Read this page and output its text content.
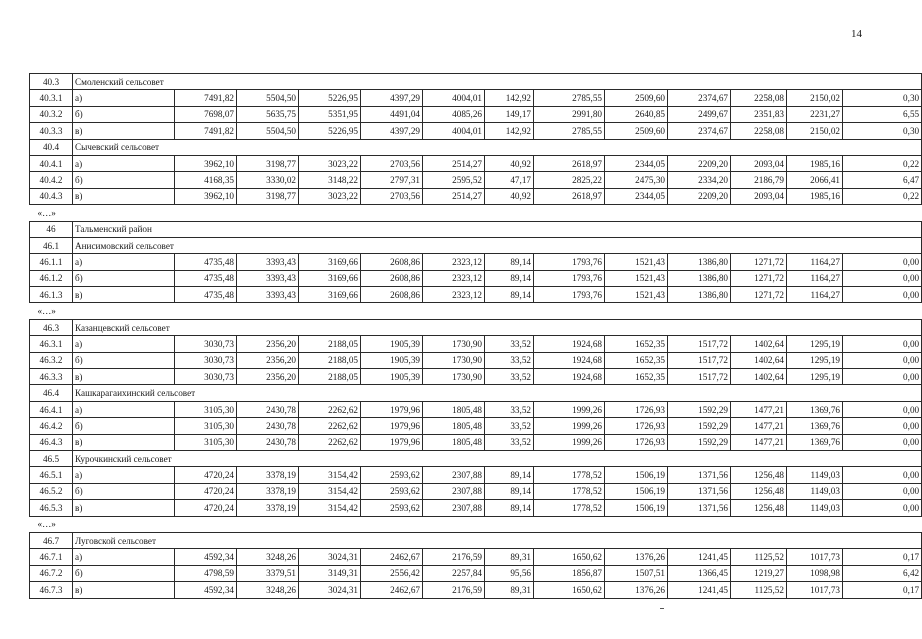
14
40.3	Смоленский сельсовет												
40.3.1	а)	7491,82	5504,50	5226,95	4397,29	4004,01	142,92	2785,55	2509,60	2374,67	2258,08	2150,02	0,30
40.3.2	б)	7698,07	5635,75	5351,95	4491,04	4085,26	149,17	2991,80	2640,85	2499,67	2351,83	2231,27	6,55
40.3.3	в)	7491,82	5504,50	5226,95	4397,29	4004,01	142,92	2785,55	2509,60	2374,67	2258,08	2150,02	0,30
40.4	Сычевский сельсовет												
40.4.1	а)	3962,10	3198,77	3023,22	2703,56	2514,27	40,92	2618,97	2344,05	2209,20	2093,04	1985,16	0,22
40.4.2	б)	4168,35	3330,02	3148,22	2797,31	2595,52	47,17	2825,22	2475,30	2334,20	2186,79	2066,41	6,47
40.4.3	в)	3962,10	3198,77	3023,22	2703,56	2514,27	40,92	2618,97	2344,05	2209,20	2093,04	1985,16	0,22
«…»													
46	Тальменский район												
46.1	Анисимовский сельсовет												
46.1.1	а)	4735,48	3393,43	3169,66	2608,86	2323,12	89,14	1793,76	1521,43	1386,80	1271,72	1164,27	0,00
46.1.2	б)	4735,48	3393,43	3169,66	2608,86	2323,12	89,14	1793,76	1521,43	1386,80	1271,72	1164,27	0,00
46.1.3	в)	4735,48	3393,43	3169,66	2608,86	2323,12	89,14	1793,76	1521,43	1386,80	1271,72	1164,27	0,00
«…»													
46.3	Казанцевский сельсовет												
46.3.1	а)	3030,73	2356,20	2188,05	1905,39	1730,90	33,52	1924,68	1652,35	1517,72	1402,64	1295,19	0,00
46.3.2	б)	3030,73	2356,20	2188,05	1905,39	1730,90	33,52	1924,68	1652,35	1517,72	1402,64	1295,19	0,00
46.3.3	в)	3030,73	2356,20	2188,05	1905,39	1730,90	33,52	1924,68	1652,35	1517,72	1402,64	1295,19	0,00
46.4	Кашкарагаихинский сельсовет												
46.4.1	а)	3105,30	2430,78	2262,62	1979,96	1805,48	33,52	1999,26	1726,93	1592,29	1477,21	1369,76	0,00
46.4.2	б)	3105,30	2430,78	2262,62	1979,96	1805,48	33,52	1999,26	1726,93	1592,29	1477,21	1369,76	0,00
46.4.3	в)	3105,30	2430,78	2262,62	1979,96	1805,48	33,52	1999,26	1726,93	1592,29	1477,21	1369,76	0,00
46.5	Курочкинский сельсовет												
46.5.1	а)	4720,24	3378,19	3154,42	2593,62	2307,88	89,14	1778,52	1506,19	1371,56	1256,48	1149,03	0,00
46.5.2	б)	4720,24	3378,19	3154,42	2593,62	2307,88	89,14	1778,52	1506,19	1371,56	1256,48	1149,03	0,00
46.5.3	в)	4720,24	3378,19	3154,42	2593,62	2307,88	89,14	1778,52	1506,19	1371,56	1256,48	1149,03	0,00
«…»													
46.7	Луговской сельсовет												
46.7.1	а)	4592,34	3248,26	3024,31	2462,67	2176,59	89,31	1650,62	1376,26	1241,45	1125,52	1017,73	0,17
46.7.2	б)	4798,59	3379,51	3149,31	2556,42	2257,84	95,56	1856,87	1507,51	1366,45	1219,27	1098,98	6,42
46.7.3	в)	4592,34	3248,26	3024,31	2462,67	2176,59	89,31	1650,62	1376,26	1241,45	1125,52	1017,73	0,17
